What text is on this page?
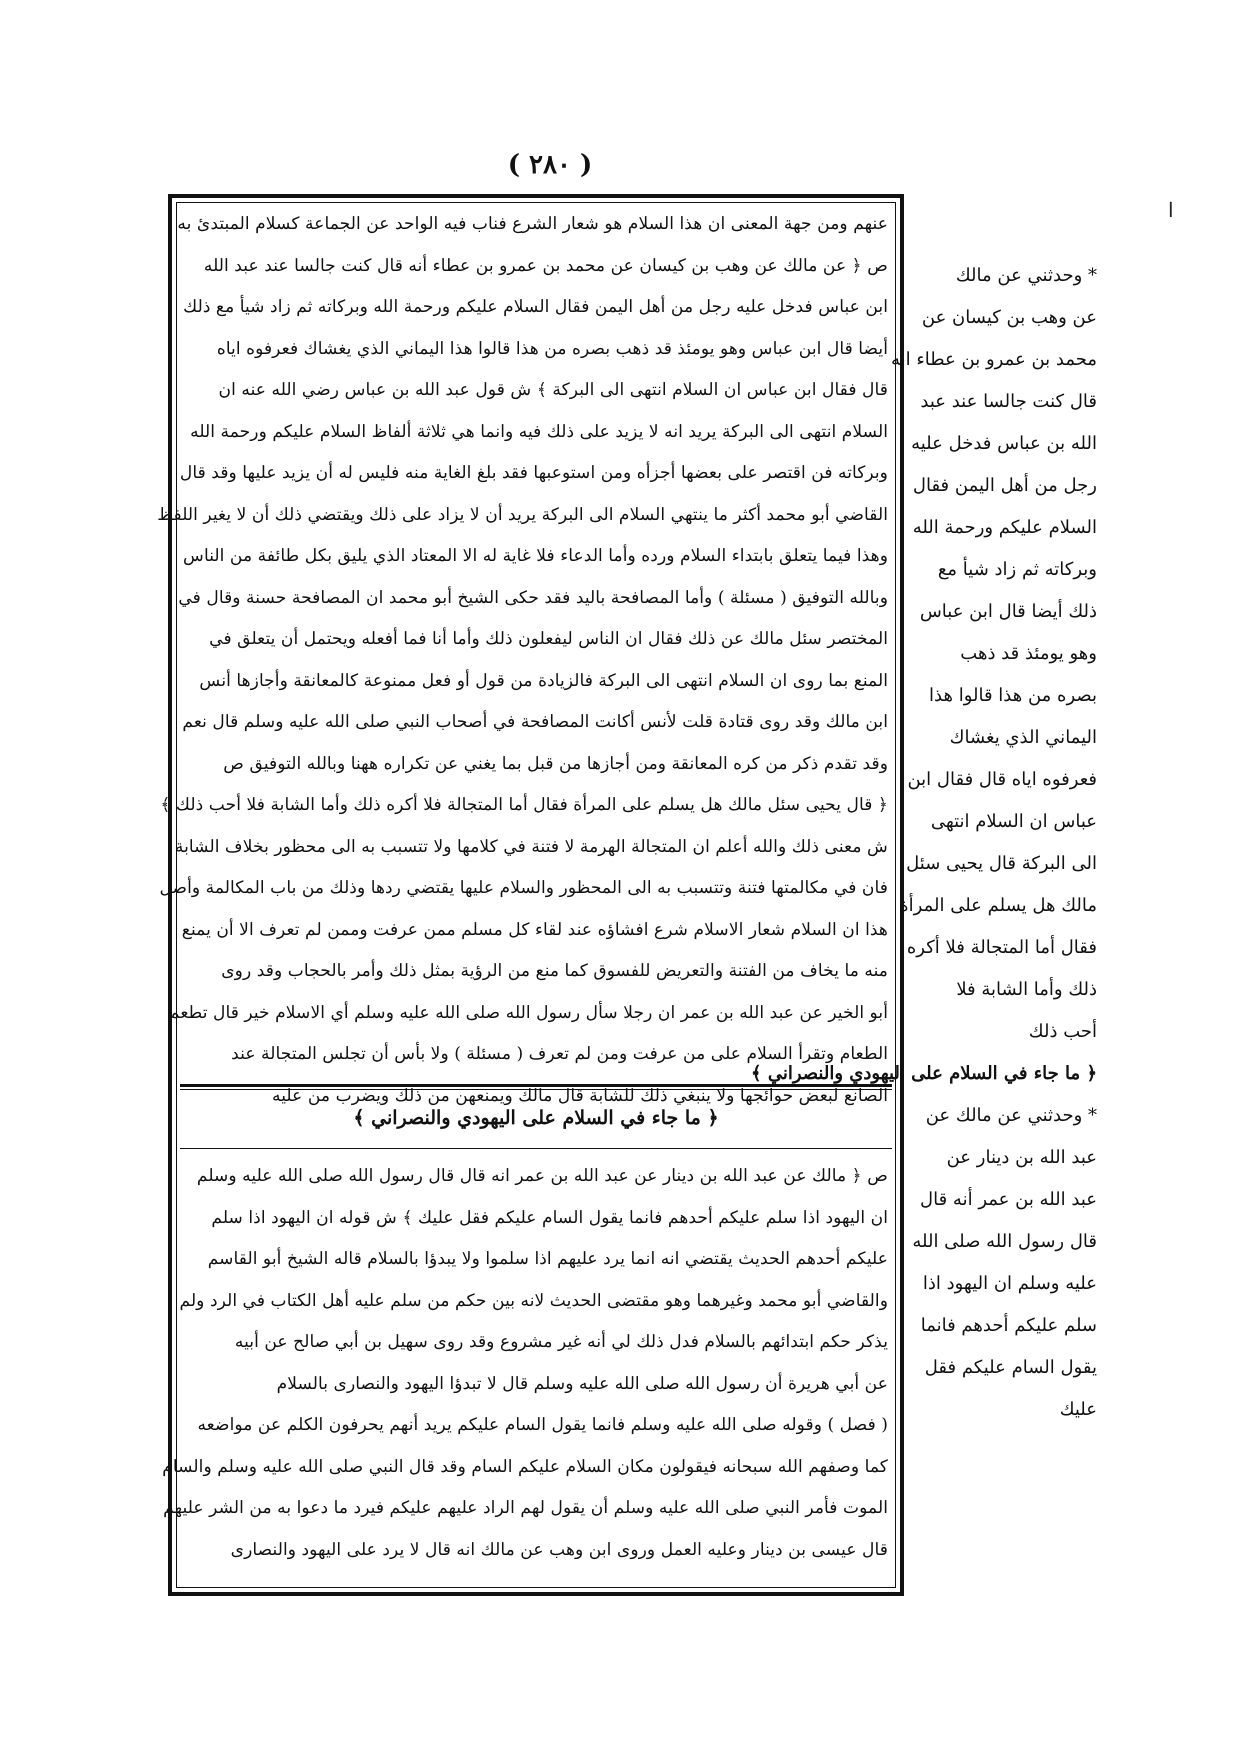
( ٢٨٠ )
عنهم ومن جهة المعنى ان هذا السلام هو شعار الشرع فناب فيه الواحد عن الجماعة كسلام المبتدئ به
ص ﴿ عن مالك عن وهب بن كيسان عن محمد بن عمرو بن عطاء أنه قال كنت جالسا عند عبد الله
ابن عباس فدخل عليه رجل من أهل اليمن فقال السلام عليكم ورحمة الله وبركاته ثم زاد شيأ مع ذلك
أيضا قال ابن عباس وهو يومئذ قد ذهب بصره من هذا قالوا هذا اليماني الذي يغشاك فعرفوه اياه
قال فقال ابن عباس ان السلام انتهى الى البركة ﴾ ش قول عبد الله بن عباس رضي الله عنه ان
السلام انتهى الى البركة يريد انه لا يزيد على ذلك فيه وانما هي ثلاثة ألفاظ السلام عليكم ورحمة الله
وبركاته فن اقتصر على بعضها أجزأه ومن استوعبها فقد بلغ الغاية منه فليس له أن يزيد عليها وقد قال
القاضي أبو محمد أكثر ما ينتهي السلام الى البركة يريد أن لا يزاد على ذلك ويقتضي ذلك أن لا يغير اللفظ
وهذا فيما يتعلق بابتداء السلام ورده وأما الدعاء فلا غاية له الا المعتاد الذي يليق بكل طائفة من الناس
وبالله التوفيق ( مسئلة ) وأما المصافحة باليد فقد حكى الشيخ أبو محمد ان المصافحة حسنة وقال في
المختصر سئل مالك عن ذلك فقال ان الناس ليفعلون ذلك وأما أنا فما أفعله ويحتمل أن يتعلق في
المنع بما روى ان السلام انتهى الى البركة فالزيادة من قول أو فعل ممنوعة كالمعانقة وأجازها أنس
ابن مالك وقد روى قتادة قلت لأنس أكانت المصافحة في أصحاب النبي صلى الله عليه وسلم قال نعم
وقد تقدم ذكر من كره المعانقة ومن أجازها من قبل بما يغني عن تكراره ههنا وبالله التوفيق ص
﴿ قال يحيى سئل مالك هل يسلم على المرأة فقال أما المتجالة فلا أكره ذلك وأما الشابة فلا أحب ذلك ﴾
ش معنى ذلك والله أعلم ان المتجالة الهرمة لا فتنة في كلامها ولا تتسبب به الى محظور بخلاف الشابة
فان في مكالمتها فتنة وتتسبب به الى المحظور والسلام عليها يقتضي ردها وذلك من باب المكالمة وأصل
هذا ان السلام شعار الاسلام شرع افشاؤه عند لقاء كل مسلم ممن عرفت وممن لم تعرف الا أن يمنع
منه ما يخاف من الفتنة والتعريض للفسوق كما منع من الرؤية بمثل ذلك وأمر بالحجاب وقد روى
أبو الخير عن عبد الله بن عمر ان رجلا سأل رسول الله صلى الله عليه وسلم أي الاسلام خير قال تطعم
الطعام وتقرأ السلام على من عرفت ومن لم تعرف ( مسئلة ) ولا بأس أن تجلس المتجالة عند
الصانع لبعض حوائجها ولا ينبغي ذلك للشابة قال مالك ويمنعهن من ذلك ويضرب من عليه
﴿ ما جاء في السلام على اليهودي والنصراني ﴾
ص ﴿ مالك عن عبد الله بن دينار عن عبد الله بن عمر انه قال قال رسول الله صلى الله عليه وسلم
ان اليهود اذا سلم عليكم أحدهم فانما يقول السام عليكم فقل عليك ﴾ ش قوله ان اليهود اذا سلم
عليكم أحدهم الحديث يقتضي انه انما يرد عليهم اذا سلموا ولا يبدؤا بالسلام قاله الشيخ أبو القاسم
والقاضي أبو محمد وغيرهما وهو مقتضى الحديث لانه بين حكم من سلم عليه أهل الكتاب في الرد ولم
يذكر حكم ابتدائهم بالسلام فدل ذلك لي أنه غير مشروع وقد روى سهيل بن أبي صالح عن أبيه
عن أبي هريرة أن رسول الله صلى الله عليه وسلم قال لا تبدؤا اليهود والنصارى بالسلام
( فصل ) وقوله صلى الله عليه وسلم فانما يقول السام عليكم يريد أنهم يحرفون الكلم عن مواضعه
كما وصفهم الله سبحانه فيقولون مكان السلام عليكم السام وقد قال النبي صلى الله عليه وسلم والسام
الموت فأمر النبي صلى الله عليه وسلم أن يقول لهم الراد عليهم عليكم فيرد ما دعوا به من الشر عليهم
قال عيسى بن دينار وعليه العمل وروى ابن وهب عن مالك انه قال لا يرد على اليهود والنصارى
* وحدثني عن مالك
عن وهب بن كيسان عن
محمد بن عمرو بن عطاء انه
قال كنت جالسا عند عبد
الله بن عباس فدخل عليه
رجل من أهل اليمن فقال
السلام عليكم ورحمة الله
وبركاته ثم زاد شيأ مع
ذلك أيضا قال ابن عباس
وهو يومئذ قد ذهب
بصره من هذا قالوا هذا
اليماني الذي يغشاك
فعرفوه اياه قال فقال ابن
عباس ان السلام انتهى
الى البركة قال يحيى سئل
مالك هل يسلم على المرأة
فقال أما المتجالة فلا أكره
ذلك وأما الشابة فلا
أحب ذلك
﴿ ما جاء في السلام على اليهودي والنصراني ﴾
* وحدثني عن مالك عن
عبد الله بن دينار عن
عبد الله بن عمر أنه قال
قال رسول الله صلى الله
عليه وسلم ان اليهود اذا
سلم عليكم أحدهم فانما
يقول السام عليكم فقل
عليك
ا
